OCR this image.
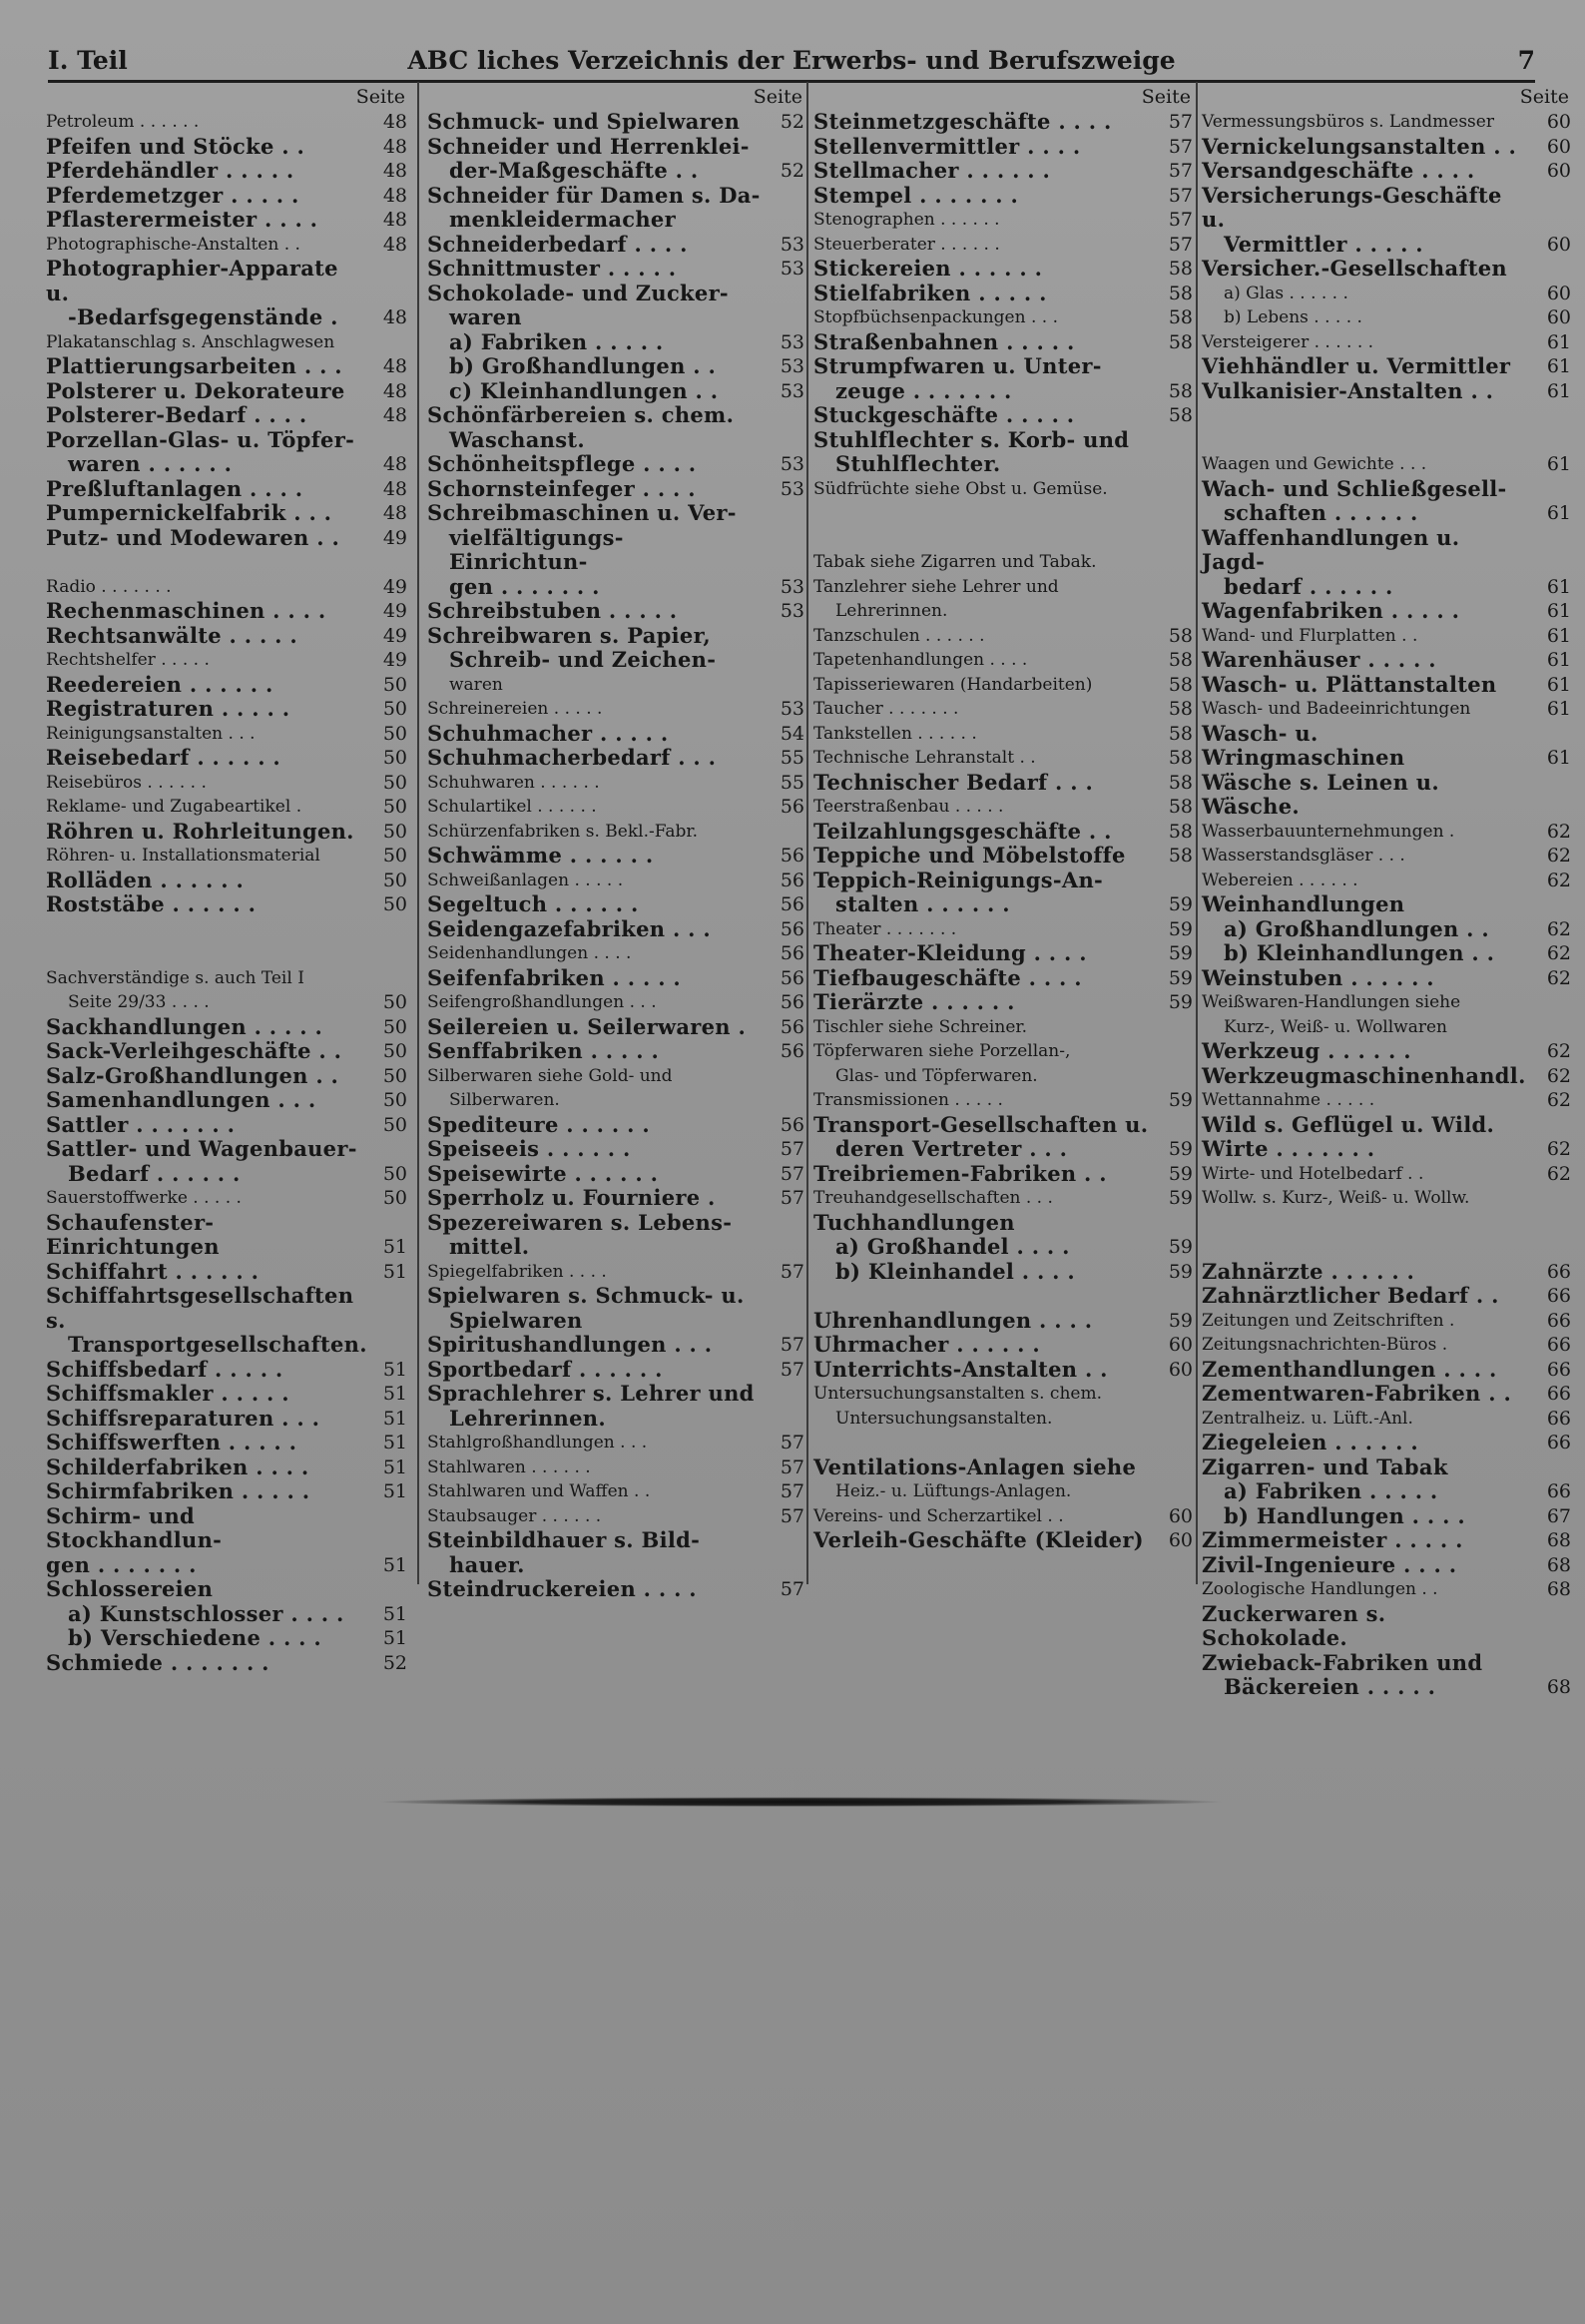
I. Teil	ABC liches Verzeichnis der Erwerbs- und Berufszweige	7
Seite
Petroleum . . . . . .	48
Pfeifen und Stöcke . .	48
Pferdehändler . . . . .	48
Pferdemetzger . . . . .	48
Pflasterermeister . . . .	48
Photographische-Anstalten . .	48
Photographier-Apparate u.
-Bedarfsgegenstände .	48
Plakatanschlag s. Anschlagwesen
Plattierungsarbeiten . . .	48
Polsterer u. Dekorateure	48
Polsterer-Bedarf . . . .	48
Porzellan-Glas- u. Töpfer-
waren . . . . . .	48
Preßluftanlagen . . . .	48
Pumpernickelfabrik . . .	48
Putz- und Modewaren . .	49
Radio . . . . . . .	49
Rechenmaschinen . . . .	49
Rechtsanwälte . . . . .	49
Rechtshelfer . . . . .	49
Reedereien . . . . . .	50
Registraturen . . . . .	50
Reinigungsanstalten . . .	50
Reisebedarf . . . . . .	50
Reisebüros . . . . . .	50
Reklame- und Zugabeartikel .	50
Röhren u. Rohrleitungen.	50
Röhren- u. Installationsmaterial	50
Rolläden . . . . . .	50
Roststäbe . . . . . .	50
Sachverständige s. auch Teil I
Seite 29/33 . . . .	50
Sackhandlungen . . . . .	50
Sack-Verleihgeschäfte . .	50
Salz-Großhandlungen . .	50
Samenhandlungen . . .	50
Sattler . . . . . . .	50
Sattler- und Wagenbauer-
Bedarf . . . . . .	50
Sauerstoffwerke . . . . .	50
Schaufenster-Einrichtungen	51
Schiffahrt . . . . . .	51
Schiffahrtsgesellschaften s.
Transportgesellschaften.
Schiffsbedarf . . . . .	51
Schiffsmakler . . . . .	51
Schiffsreparaturen . . .	51
Schiffswerften . . . . .	51
Schilderfabriken . . . .	51
Schirmfabriken . . . . .	51
Schirm- und Stockhandlun-
gen . . . . . . .	51
Schlossereien
a) Kunstschlosser . . . .	51
b) Verschiedene . . . .	51
Schmiede . . . . . . .	52
Seite
Schmuck- und Spielwaren	52
Schneider und Herrenklei-
der-Maßgeschäfte . .	52
Schneider für Damen s. Da-
menkleidermacher
Schneiderbedarf . . . .	53
Schnittmuster . . . . .	53
Schokolade- und Zucker-
waren
a) Fabriken . . . . .	53
b) Großhandlungen . .	53
c) Kleinhandlungen . .	53
Schönfärbereien s. chem.
Waschanst.
Schönheitspflege . . . .	53
Schornsteinfeger . . . .	53
Schreibmaschinen u. Ver-
vielfältigungs-Einrichtun-
gen . . . . . . .	53
Schreibstuben . . . . .	53
Schreibwaren s. Papier,
Schreib- und Zeichen-
waren
Schreinereien . . . . .	53
Schuhmacher . . . . .	54
Schuhmacherbedarf . . .	55
Schuhwaren . . . . . .	55
Schulartikel . . . . . .	56
Schürzenfabriken s. Bekl.-Fabr.
Schwämme . . . . . .	56
Schweißanlagen . . . . .	56
Segeltuch . . . . . .	56
Seidengazefabriken . . .	56
Seidenhandlungen . . . .	56
Seifenfabriken . . . . .	56
Seifengroßhandlungen . . .	56
Seilereien u. Seilerwaren .	56
Senffabriken . . . . .	56
Silberwaren siehe Gold- und
Silberwaren.
Spediteure . . . . . .	56
Speiseeis . . . . . .	57
Speisewirte . . . . . .	57
Sperrholz u. Fourniere .	57
Spezereiwaren s. Lebens-
mittel.
Spiegelfabriken . . . .	57
Spielwaren s. Schmuck- u.
Spielwaren
Spiritushandlungen . . .	57
Sportbedarf . . . . . .	57
Sprachlehrer s. Lehrer und
Lehrerinnen.
Stahlgroßhandlungen . . .	57
Stahlwaren . . . . . .	57
Stahlwaren und Waffen . .	57
Staubsauger . . . . . .	57
Steinbildhauer s. Bild-
hauer.
Steindruckereien . . . .	57
Seite
Steinmetzgeschäfte . . . .	57
Stellenvermittler . . . .	57
Stellmacher . . . . . .	57
Stempel . . . . . . .	57
Stenographen . . . . . .	57
Steuerberater . . . . . .	57
Stickereien . . . . . .	58
Stielfabriken . . . . .	58
Stopfbüchsenpackungen . . .	58
Straßenbahnen . . . . .	58
Strumpfwaren u. Unter-
zeuge . . . . . . .	58
Stuckgeschäfte . . . . .	58
Stuhlflechter s. Korb- und
Stuhlflechter.
Südfrüchte siehe Obst u. Gemüse.
Tabak siehe Zigarren und Tabak.
Tanzlehrer siehe Lehrer und
Lehrerinnen.
Tanzschulen . . . . . .	58
Tapetenhandlungen . . . .	58
Tapisseriewaren (Handarbeiten)	58
Taucher . . . . . . .	58
Tankstellen . . . . . .	58
Technische Lehranstalt . .	58
Technischer Bedarf . . .	58
Teerstraßenbau . . . . .	58
Teilzahlungsgeschäfte . .	58
Teppiche und Möbelstoffe	58
Teppich-Reinigungs-An-
stalten . . . . . .	59
Theater . . . . . . .	59
Theater-Kleidung . . . .	59
Tiefbaugeschäfte . . . .	59
Tierärzte . . . . . .	59
Tischler siehe Schreiner.
Töpferwaren siehe Porzellan-,
Glas- und Töpferwaren.
Transmissionen . . . . .	59
Transport-Gesellschaften u.
deren Vertreter . . .	59
Treibriemen-Fabriken . .	59
Treuhandgesellschaften . . .	59
Tuchhandlungen
a) Großhandel . . . .	59
b) Kleinhandel . . . .	59
Uhrenhandlungen . . . .	59
Uhrmacher . . . . . .	60
Unterrichts-Anstalten . .	60
Untersuchungsanstalten s. chem.
Untersuchungsanstalten.
Ventilations-Anlagen siehe
Heiz.- u. Lüftungs-Anlagen.
Vereins- und Scherzartikel . .	60
Verleih-Geschäfte (Kleider)	60
Seite
Vermessungsbüros s. Landmesser	60
Vernickelungsanstalten . .	60
Versandgeschäfte . . . .	60
Versicherungs-Geschäfte u.
Vermittler . . . . .	60
Versicher.-Gesellschaften
a) Glas . . . . . .	60
b) Lebens . . . . .	60
Versteigerer . . . . . .	61
Viehhändler u. Vermittler	61
Vulkanisier-Anstalten . .	61
Waagen und Gewichte . . .	61
Wach- und Schließgesell-
schaften . . . . . .	61
Waffenhandlungen u. Jagd-
bedarf . . . . . .	61
Wagenfabriken . . . . .	61
Wand- und Flurplatten . .	61
Warenhäuser . . . . .	61
Wasch- u. Plättanstalten	61
Wasch- und Badeeinrichtungen	61
Wasch- u. Wringmaschinen	61
Wäsche s. Leinen u. Wäsche.
Wasserbauunternehmungen .	62
Wasserstandsgläser . . .	62
Webereien . . . . . .	62
Weinhandlungen
a) Großhandlungen . .	62
b) Kleinhandlungen . .	62
Weinstuben . . . . . .	62
Weißwaren-Handlungen siehe
Kurz-, Weiß- u. Wollwaren
Werkzeug . . . . . .	62
Werkzeugmaschinenhandl.	62
Wettannahme . . . . .	62
Wild s. Geflügel u. Wild.
Wirte . . . . . . .	62
Wirte- und Hotelbedarf . .	62
Wollw. s. Kurz-, Weiß- u. Wollw.
Zahnärzte . . . . . .	66
Zahnärztlicher Bedarf . .	66
Zeitungen und Zeitschriften .	66
Zeitungsnachrichten-Büros .	66
Zementhandlungen . . . .	66
Zementwaren-Fabriken . .	66
Zentralheiz. u. Lüft.-Anl.	66
Ziegeleien . . . . . .	66
Zigarren- und Tabak
a) Fabriken . . . . .	66
b) Handlungen . . . .	67
Zimmermeister . . . . .	68
Zivil-Ingenieure . . . .	68
Zoologische Handlungen . .	68
Zuckerwaren s. Schokolade.
Zwieback-Fabriken und
Bäckereien . . . . .	68
